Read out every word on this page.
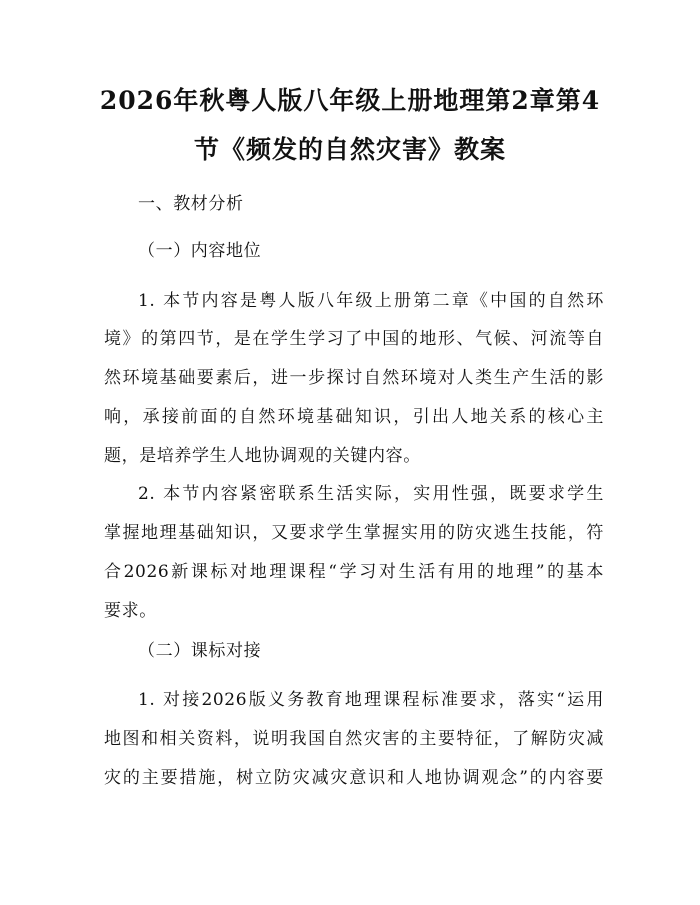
2026年秋粤人版八年级上册地理第2章第4
节《频发的自然灾害》教案
一、教材分析
（一）内容地位
1. 本节内容是粤人版八年级上册第二章《中国的自然环
境》的第四节，是在学生学习了中国的地形、气候、河流等自
然环境基础要素后，进一步探讨自然环境对人类生产生活的影
响，承接前面的自然环境基础知识，引出人地关系的核心主
题，是培养学生人地协调观的关键内容。
2. 本节内容紧密联系生活实际，实用性强，既要求学生
掌握地理基础知识，又要求学生掌握实用的防灾逃生技能，符
合2026新课标对地理课程“学习对生活有用的地理”的基本
要求。
（二）课标对接
1. 对接2026版义务教育地理课程标准要求，落实“运用
地图和相关资料，说明我国自然灾害的主要特征，了解防灾减
灾的主要措施，树立防灾减灾意识和人地协调观念”的内容要
